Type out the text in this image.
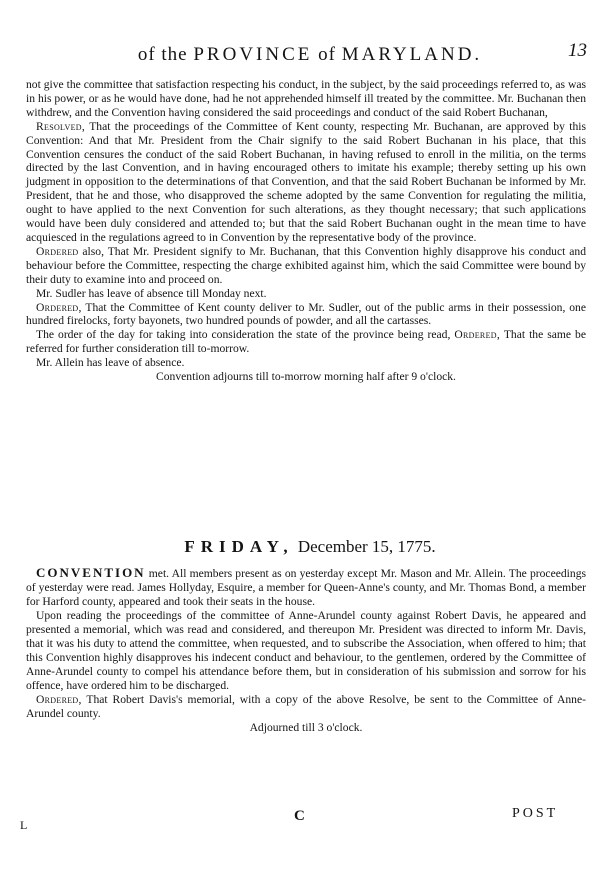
of the PROVINCE of MARYLAND.	13

not give the committee that satisfaction respecting his conduct, in the subject, by the said proceedings referred to, as was in his power, or as he would have done, had he not apprehended himself ill treated by the committee. Mr. Buchanan then withdrew, and the Convention having considered the said proceedings and conduct of the said Robert Buchanan,

Resolved, That the proceedings of the Committee of Kent county, respecting Mr. Buchanan, are approved by this Convention: And that Mr. President from the Chair signify to the said Robert Buchanan in his place, that this Convention censures the conduct of the said Robert Buchanan, in having refused to enroll in the militia, on the terms directed by the last Convention, and in having encouraged others to imitate his example; thereby setting up his own judgment in opposition to the determinations of that Convention, and that the said Robert Buchanan be informed by Mr. President, that he and those, who disapproved the scheme adopted by the same Convention for regulating the militia, ought to have applied to the next Convention for such alterations, as they thought necessary; that such applications would have been duly considered and attended to; but that the said Robert Buchanan ought in the mean time to have acquiesced in the regulations agreed to in Convention by the representative body of the province.

Ordered also, That Mr. President signify to Mr. Buchanan, that this Convention highly disapprove his conduct and behaviour before the Committee, respecting the charge exhibited against him, which the said Committee were bound by their duty to examine into and proceed on.

Mr. Sudler has leave of absence till Monday next.

Ordered, That the Committee of Kent county deliver to Mr. Sudler, out of the public arms in their possession, one hundred firelocks, forty bayonets, two hundred pounds of powder, and all the cartasses.

The order of the day for taking into consideration the state of the province being read, Ordered, That the same be referred for further consideration till to-morrow.

Mr. Allein has leave of absence.

Convention adjourns till to-morrow morning half after 9 o'clock.

FRIDAY, December 15, 1775.

CONVENTION met. All members present as on yesterday except Mr. Mason and Mr. Allein. The proceedings of yesterday were read. James Hollyday, Esquire, a member for Queen-Anne's county, and Mr. Thomas Bond, a member for Harford county, appeared and took their seats in the house.

Upon reading the proceedings of the committee of Anne-Arundel county against Robert Davis, he appeared and presented a memorial, which was read and considered, and thereupon Mr. President was directed to inform Mr. Davis, that it was his duty to attend the committee, when requested, and to subscribe the Association, when offered to him; that this Convention highly disapproves his indecent conduct and behaviour, to the gentlemen, ordered by the Committee of Anne-Arundel county to compel his attendance before them, but in consideration of his submission and sorrow for his offence, have ordered him to be discharged.

Ordered, That Robert Davis's memorial, with a copy of the above Resolve, be sent to the Committee of Anne-Arundel county.

Adjourned till 3 o'clock.

L
C	POST
